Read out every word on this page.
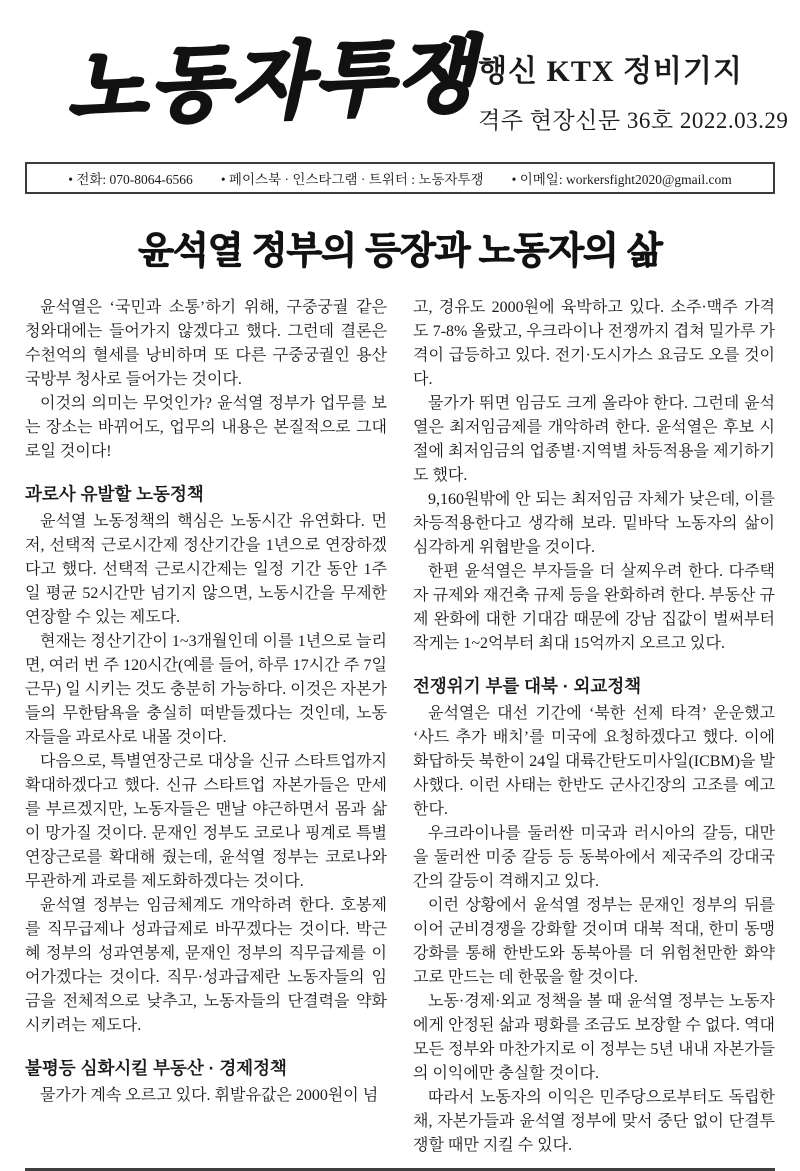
노동자투쟁
행신 KTX 정비기지
격주 현장신문 36호 2022.03.29
• 전화: 070-8064-6566 • 페이스북 · 인스타그램 · 트위터 : 노동자투쟁 • 이메일: workersfight2020@gmail.com
윤석열 정부의 등장과 노동자의 삶

윤석열은 ‘국민과 소통’하기 위해, 구중궁궐 같은 청와대에는 들어가지 않겠다고 했다. 그런데 결론은 수천억의 혈세를 낭비하며 또 다른 구중궁궐인 용산 국방부 청사로 들어가는 것이다.

이것의 의미는 무엇인가? 윤석열 정부가 업무를 보는 장소는 바뀌어도, 업무의 내용은 본질적으로 그대로일 것이다!

과로사 유발할 노동정책

윤석열 노동정책의 핵심은 노동시간 유연화다. 먼저, 선택적 근로시간제 정산기간을 1년으로 연장하겠다고 했다. 선택적 근로시간제는 일정 기간 동안 1주일 평균 52시간만 넘기지 않으면, 노동시간을 무제한 연장할 수 있는 제도다.

현재는 정산기간이 1~3개월인데 이를 1년으로 늘리면, 여러 번 주 120시간(예를 들어, 하루 17시간 주 7일 근무) 일 시키는 것도 충분히 가능하다. 이것은 자본가들의 무한탐욕을 충실히 떠받들겠다는 것인데, 노동자들을 과로사로 내몰 것이다.

다음으로, 특별연장근로 대상을 신규 스타트업까지 확대하겠다고 했다. 신규 스타트업 자본가들은 만세를 부르겠지만, 노동자들은 맨날 야근하면서 몸과 삶이 망가질 것이다. 문재인 정부도 코로나 핑계로 특별연장근로를 확대해 줬는데, 윤석열 정부는 코로나와 무관하게 과로를 제도화하겠다는 것이다.

윤석열 정부는 임금체계도 개악하려 한다. 호봉제를 직무급제나 성과급제로 바꾸겠다는 것이다. 박근혜 정부의 성과연봉제, 문재인 정부의 직무급제를 이어가겠다는 것이다. 직무·성과급제란 노동자들의 임금을 전체적으로 낮추고, 노동자들의 단결력을 약화시키려는 제도다.

불평등 심화시킬 부동산 · 경제정책

물가가 계속 오르고 있다. 휘발유값은 2000원이 넘

고, 경유도 2000원에 육박하고 있다. 소주·맥주 가격도 7-8% 올랐고, 우크라이나 전쟁까지 겹쳐 밀가루 가격이 급등하고 있다. 전기·도시가스 요금도 오를 것이다.

물가가 뛰면 임금도 크게 올라야 한다. 그런데 윤석열은 최저임금제를 개악하려 한다. 윤석열은 후보 시절에 최저임금의 업종별·지역별 차등적용을 제기하기도 했다.

9,160원밖에 안 되는 최저임금 자체가 낮은데, 이를 차등적용한다고 생각해 보라. 밑바닥 노동자의 삶이 심각하게 위협받을 것이다.

한편 윤석열은 부자들을 더 살찌우려 한다. 다주택자 규제와 재건축 규제 등을 완화하려 한다. 부동산 규제 완화에 대한 기대감 때문에 강남 집값이 벌써부터 작게는 1~2억부터 최대 15억까지 오르고 있다.

전쟁위기 부를 대북 · 외교정책

윤석열은 대선 기간에 ‘북한 선제 타격’ 운운했고 ‘사드 추가 배치’를 미국에 요청하겠다고 했다. 이에 화답하듯 북한이 24일 대륙간탄도미사일(ICBM)을 발사했다. 이런 사태는 한반도 군사긴장의 고조를 예고한다.

우크라이나를 둘러싼 미국과 러시아의 갈등, 대만을 둘러싼 미중 갈등 등 동북아에서 제국주의 강대국 간의 갈등이 격해지고 있다.

이런 상황에서 윤석열 정부는 문재인 정부의 뒤를 이어 군비경쟁을 강화할 것이며 대북 적대, 한미 동맹 강화를 통해 한반도와 동북아를 더 위험천만한 화약고로 만드는 데 한몫을 할 것이다.

노동·경제·외교 정책을 볼 때 윤석열 정부는 노동자에게 안정된 삶과 평화를 조금도 보장할 수 없다. 역대 모든 정부와 마찬가지로 이 정부는 5년 내내 자본가들의 이익에만 충실할 것이다.

따라서 노동자의 이익은 민주당으로부터도 독립한 채, 자본가들과 윤석열 정부에 맞서 중단 없이 단결투쟁할 때만 지킬 수 있다.
